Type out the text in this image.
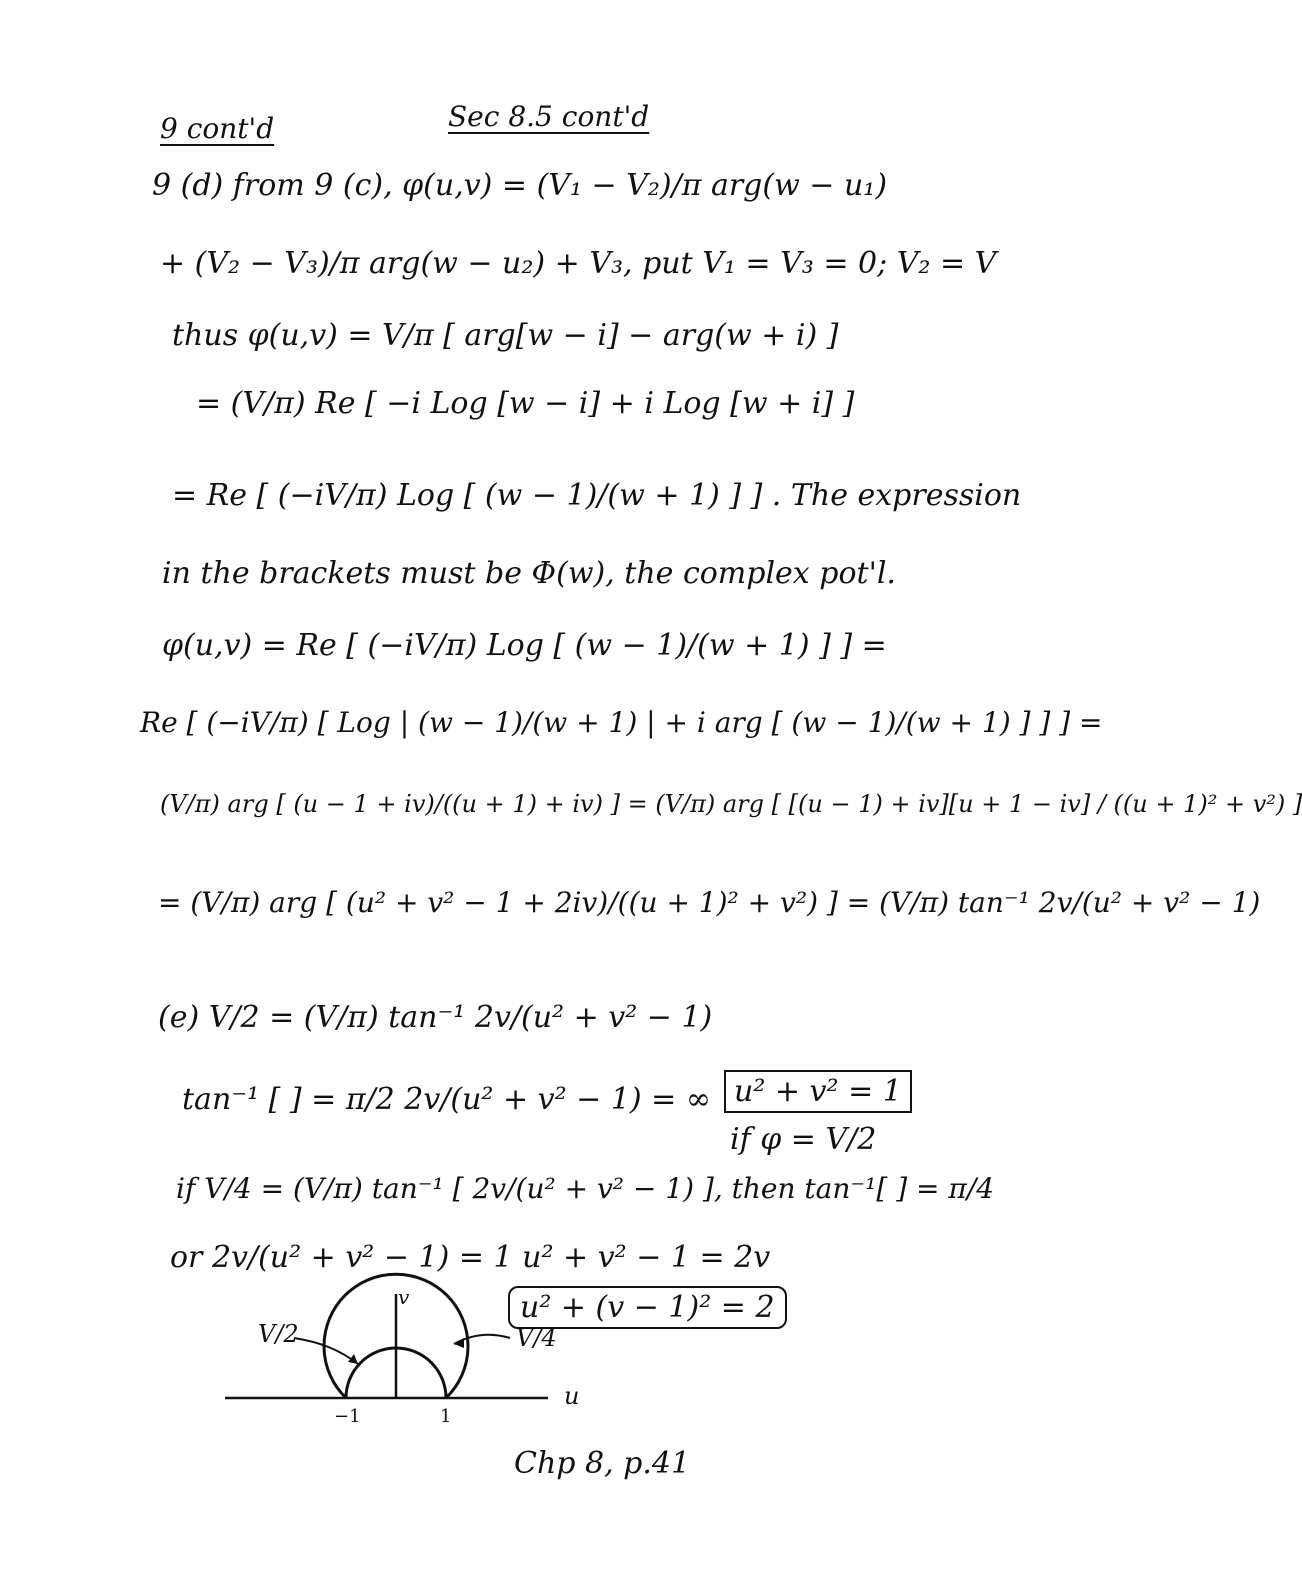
9 cont'd	Sec 8.5 cont'd
9 (d) from 9 (c), φ(u,v) = (V₁ − V₂)/π arg(w − u₁)
+ (V₂ − V₃)/π arg(w − u₂) + V₃, put V₁ = V₃ = 0; V₂ = V
thus φ(u,v) = V/π [ arg[w − i] − arg(w + i) ]
= (V/π) Re [ −i Log [w − i] + i Log [w + i] ]
= Re [ (−iV/π) Log [ (w − 1)/(w + 1) ] ] . The expression
in the brackets must be Φ(w), the complex pot'l.
φ(u,v) = Re [ (−iV/π) Log [ (w − 1)/(w + 1) ] ] =
Re [ (−iV/π) [ Log | (w − 1)/(w + 1) | + i arg [ (w − 1)/(w + 1) ] ] ] =
(V/π) arg [ (u − 1 + iv)/((u + 1) + iv) ] = (V/π) arg [ [(u − 1) + iv][u + 1 − iv] / ((u + 1)² + v²) ]
= (V/π) arg [ (u² + v² − 1 + 2iv)/((u + 1)² + v²) ] = (V/π) tan⁻¹ 2v/(u² + v² − 1)
(e) V/2 = (V/π) tan⁻¹ 2v/(u² + v² − 1)
tan⁻¹ [ ] = π/2 2v/(u² + v² − 1) = ∞ u² + v² = 1
if φ = V/2
if V/4 = (V/π) tan⁻¹ [ 2v/(u² + v² − 1) ], then tan⁻¹[ ] = π/4
or 2v/(u² + v² − 1) = 1 u² + v² − 1 = 2v
u² + (v − 1)² = 2
V/2	V/4
v
u
−1	1
Chp 8, p.41
